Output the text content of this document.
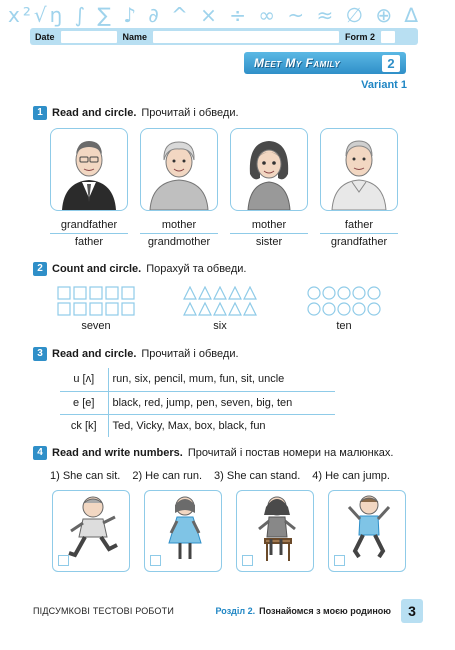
x²√ŋ ∫ ∑ ♪ ∂ ^ × ÷ ∞ ~ ≈ ∅ ⊕ ∆
Date	Name	Form 2
Meet My Family	2
Variant 1
1 Read and circle. Прочитай і обведи.
grandfather
father
mother
grandmother
mother
sister
father
grandfather
2 Count and circle. Порахуй та обведи.
seven	six	ten
3 Read and circle. Прочитай і обведи.
u [ʌ]	run, six, pencil, mum, fun, sit, uncle
e [e]	black, red, jump, pen, seven, big, ten
ck [k]	Ted, Vicky, Max, box, black, fun
4 Read and write numbers. Прочитай і постав номери на малюнках.
1) She can sit. 2) He can run. 3) She can stand. 4) He can jump.
ПІДСУМКОВІ ТЕСТОВІ РОБОТИ	Розділ 2. Познайомся з моєю родиною	3
